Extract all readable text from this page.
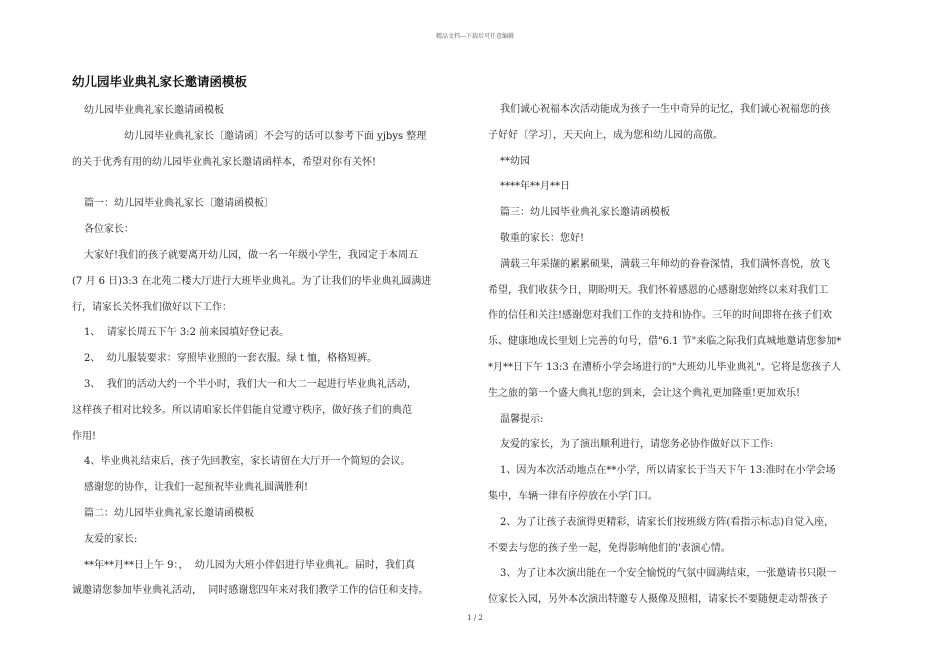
精品文档---下载后可任意编辑
幼儿园毕业典礼家长邀请函模板

幼儿园毕业典礼家长邀请函模板

幼儿园毕业典礼家长〔邀请函〕不会写的话可以参考下面 yjbys 整理

的关于优秀有用的幼儿园毕业典礼家长邀请函样本，希望对你有关怀!

篇一：幼儿园毕业典礼家长〔邀请函模板〕

各位家长：

大家好!我们的孩子就要离开幼儿园，做一名一年级小学生，我园定于本周五

(7 月 6 日)3:3 在北苑二楼大厅进行大班毕业典礼。为了让我们的毕业典礼圆满进

行，请家长关怀我们做好以下工作：

1、  请家长周五下午 3:2 前来园填好登记表。

2、  幼儿服装要求：穿照毕业照的一套衣服。绿 t 恤，格格短裤。

3、  我们的活动大约一个半小时，我们大一和大二一起进行毕业典礼活动，

这样孩子相对比较多。所以请咱家长伴侣能自觉遵守秩序，做好孩子们的典范

作用!

4、毕业典礼结束后，孩子先回教室，家长请留在大厅开一个简短的会议。

感谢您的协作，让我们一起预祝毕业典礼圆满胜利!

篇二：幼儿园毕业典礼家长邀请函模板

友爱的家长:

**年**月**日上午 9：，  幼儿园为大班小伴侣进行毕业典礼。届时，我们真

诚邀请您参加毕业典礼活动，  同时感谢您四年来对我们教学工作的信任和支持。

我们诚心祝福本次活动能成为孩子一生中奇异的记忆，我们诚心祝福您的孩

子好好〔学习〕，天天向上，成为您和幼儿园的高傲。

**幼园

****年**月**日

篇三：幼儿园毕业典礼家长邀请函模板

敬重的家长：您好!

满载三年采撷的累累硕果，满载三年师幼的眷眷深情，我们满怀喜悦，放飞

希望，我们收获今日，期盼明天。我们怀着感恩的心感谢您始终以来对我们工

作的信任和关注!感谢您对我们工作的支持和协作。三年的时间即将在孩子们欢

乐、健康地成长里划上完善的句号，借"6.1 节"来临之际我们真城地邀请您参加*

*月**日下午 13:3 在漕桥小学会场进行的"大班幼儿毕业典礼"。它将是您孩子人

生之旅的第一个盛大典礼!您的到来，会让这个典礼更加隆重!更加欢乐!

温馨提示:

友爱的家长，为了演出顺利进行，请您务必协作做好以下工作:

1、因为本次活动地点在**小学，所以请家长于当天下午 13:准时在小学会场

集中，车辆一律有序停放在小学门口。

2、为了让孩子表演得更精彩，请家长们按班级方阵(看指示标志)自觉入座，

不要去与您的孩子坐一起，免得影响他们的'表演心情。

3、为了让本次演出能在一个安全愉悦的气氛中圆满结束，一张邀请书只限一

位家长入园，另外本次演出特邀专人摄像及照相，请家长不要随便走动帮孩子

1 / 2
